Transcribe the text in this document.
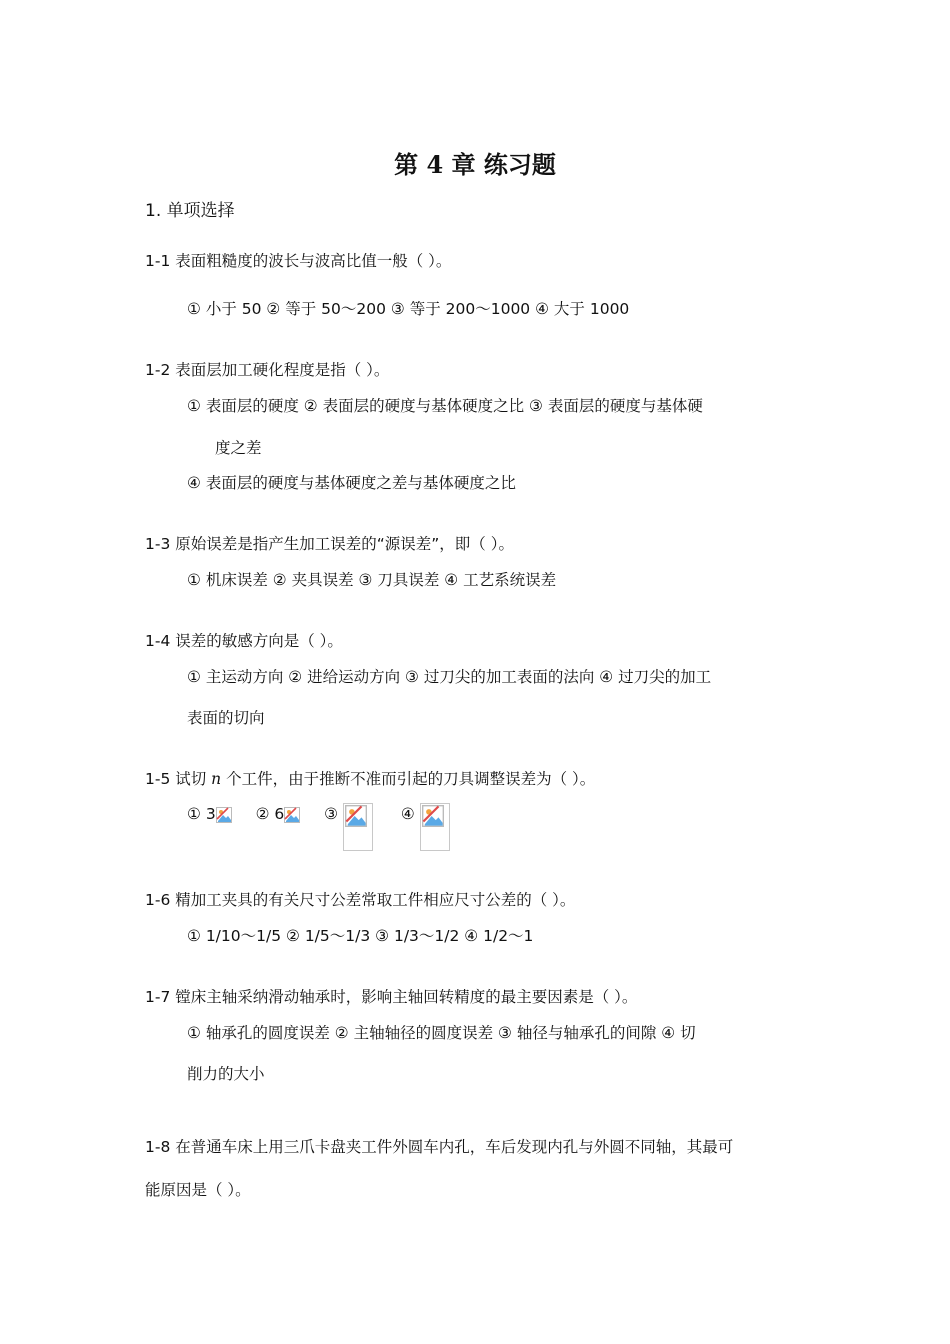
第 4 章 练习题
1. 单项选择
1-1 表面粗糙度的波长与波高比值一般（ ）。
① 小于 50 ② 等于 50～200 ③ 等于 200～1000 ④ 大于 1000
1-2 表面层加工硬化程度是指（ ）。
① 表面层的硬度 ② 表面层的硬度与基体硬度之比 ③ 表面层的硬度与基体硬
度之差
④ 表面层的硬度与基体硬度之差与基体硬度之比
1-3 原始误差是指产生加工误差的“源误差”，即（ ）。
① 机床误差 ② 夹具误差 ③ 刀具误差 ④ 工艺系统误差
1-4 误差的敏感方向是（ ）。
① 主运动方向 ② 进给运动方向 ③ 过刀尖的加工表面的法向 ④ 过刀尖的加工
表面的切向
1-5 试切 n 个工件，由于推断不准而引起的刀具调整误差为（ ）。
① 3	② 6	③	④
1-6 精加工夹具的有关尺寸公差常取工件相应尺寸公差的（ ）。
① 1/10～1/5 ② 1/5～1/3 ③ 1/3～1/2 ④ 1/2～1
1-7 镗床主轴采纳滑动轴承时，影响主轴回转精度的最主要因素是（ ）。
① 轴承孔的圆度误差 ② 主轴轴径的圆度误差 ③ 轴径与轴承孔的间隙 ④ 切
削力的大小
1-8 在普通车床上用三爪卡盘夹工件外圆车内孔，车后发现内孔与外圆不同轴，其最可
能原因是（ ）。
